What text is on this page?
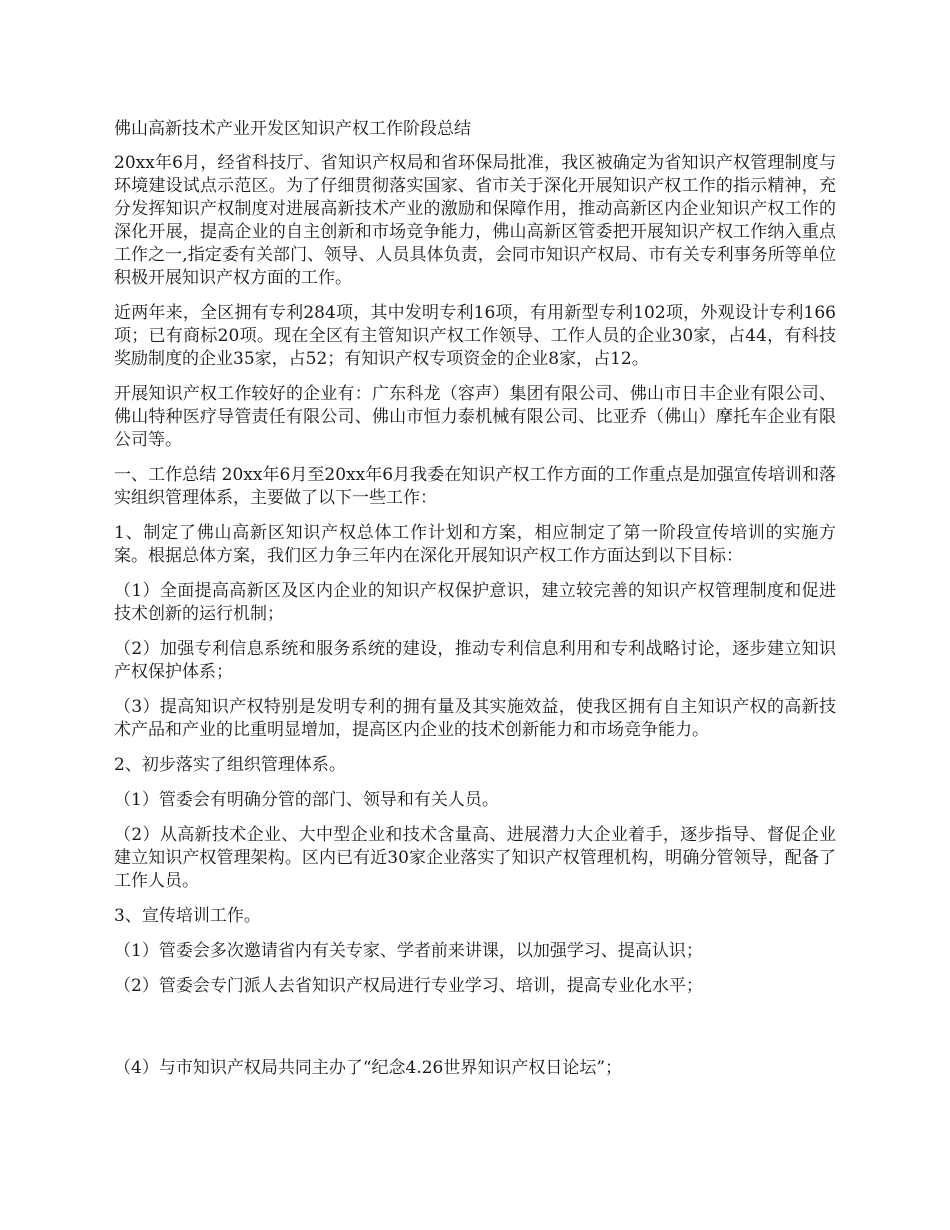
佛山高新技术产业开发区知识产权工作阶段总结

20xx年6月，经省科技厅、省知识产权局和省环保局批准，我区被确定为省知识产权管理制度与环境建设试点示范区。为了仔细贯彻落实国家、省市关于深化开展知识产权工作的指示精神，充分发挥知识产权制度对进展高新技术产业的激励和保障作用，推动高新区内企业知识产权工作的深化开展，提高企业的自主创新和市场竞争能力，佛山高新区管委把开展知识产权工作纳入重点工作之一,指定委有关部门、领导、人员具体负责，会同市知识产权局、市有关专利事务所等单位积极开展知识产权方面的工作。

近两年来，全区拥有专利284项，其中发明专利16项，有用新型专利102项，外观设计专利166项；已有商标20项。现在全区有主管知识产权工作领导、工作人员的企业30家，占44，有科技奖励制度的企业35家，占52；有知识产权专项资金的企业8家，占12。

开展知识产权工作较好的企业有：广东科龙（容声）集团有限公司、佛山市日丰企业有限公司、佛山特种医疗导管责任有限公司、佛山市恒力泰机械有限公司、比亚乔（佛山）摩托车企业有限公司等。

一、工作总结 20xx年6月至20xx年6月我委在知识产权工作方面的工作重点是加强宣传培训和落实组织管理体系，主要做了以下一些工作：

1、制定了佛山高新区知识产权总体工作计划和方案，相应制定了第一阶段宣传培训的实施方案。根据总体方案，我们区力争三年内在深化开展知识产权工作方面达到以下目标：

（1）全面提高高新区及区内企业的知识产权保护意识，建立较完善的知识产权管理制度和促进技术创新的运行机制；

（2）加强专利信息系统和服务系统的建设，推动专利信息利用和专利战略讨论，逐步建立知识产权保护体系；

（3）提高知识产权特别是发明专利的拥有量及其实施效益，使我区拥有自主知识产权的高新技术产品和产业的比重明显增加，提高区内企业的技术创新能力和市场竞争能力。

2、初步落实了组织管理体系。

（1）管委会有明确分管的部门、领导和有关人员。

（2）从高新技术企业、大中型企业和技术含量高、进展潜力大企业着手，逐步指导、督促企业建立知识产权管理架构。区内已有近30家企业落实了知识产权管理机构，明确分管领导，配备了工作人员。

3、宣传培训工作。

（1）管委会多次邀请省内有关专家、学者前来讲课，以加强学习、提高认识；

（2）管委会专门派人去省知识产权局进行专业学习、培训，提高专业化水平；

（4）与市知识产权局共同主办了“纪念4.26世界知识产权日论坛”；
